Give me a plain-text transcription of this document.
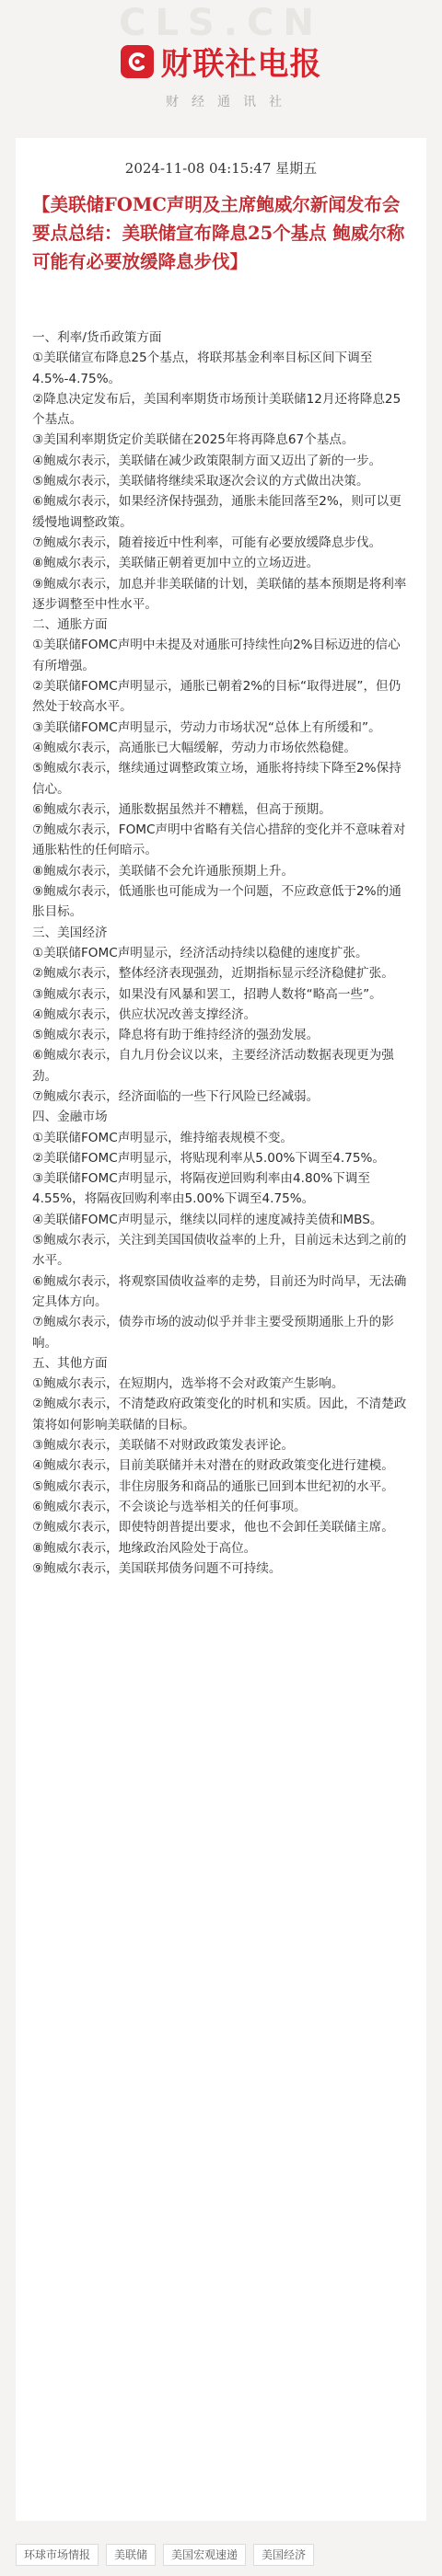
CLS.CN
财联社电报
财经通讯社
2024-11-08 04:15:47 星期五
【美联储FOMC声明及主席鲍威尔新闻发布会要点总结：美联储宣布降息25个基点 鲍威尔称可能有必要放缓降息步伐】

一、利率/货币政策方面

①美联储宣布降息25个基点，将联邦基金利率目标区间下调至4.5%-4.75%。

②降息决定发布后，美国利率期货市场预计美联储12月还将降息25个基点。

③美国利率期货定价美联储在2025年将再降息67个基点。

④鲍威尔表示，美联储在减少政策限制方面又迈出了新的一步。

⑤鲍威尔表示，美联储将继续采取逐次会议的方式做出决策。

⑥鲍威尔表示，如果经济保持强劲，通胀未能回落至2%，则可以更缓慢地调整政策。

⑦鲍威尔表示，随着接近中性利率，可能有必要放缓降息步伐。

⑧鲍威尔表示，美联储正朝着更加中立的立场迈进。

⑨鲍威尔表示，加息并非美联储的计划，美联储的基本预期是将利率逐步调整至中性水平。

二、通胀方面

①美联储FOMC声明中未提及对通胀可持续性向2%目标迈进的信心有所增强。

②美联储FOMC声明显示，通胀已朝着2%的目标“取得进展”，但仍然处于较高水平。

③美联储FOMC声明显示，劳动力市场状况“总体上有所缓和”。

④鲍威尔表示，高通胀已大幅缓解，劳动力市场依然稳健。

⑤鲍威尔表示，继续通过调整政策立场，通胀将持续下降至2%保持信心。

⑥鲍威尔表示，通胀数据虽然并不糟糕，但高于预期。

⑦鲍威尔表示，FOMC声明中省略有关信心措辞的变化并不意味着对通胀粘性的任何暗示。

⑧鲍威尔表示，美联储不会允许通胀预期上升。

⑨鲍威尔表示，低通胀也可能成为一个问题，不应政意低于2%的通胀目标。

三、美国经济

①美联储FOMC声明显示，经济活动持续以稳健的速度扩张。

②鲍威尔表示，整体经济表现强劲，近期指标显示经济稳健扩张。

③鲍威尔表示，如果没有风暴和罢工，招聘人数将“略高一些”。

④鲍威尔表示，供应状况改善支撑经济。

⑤鲍威尔表示，降息将有助于维持经济的强劲发展。

⑥鲍威尔表示，自九月份会议以来，主要经济活动数据表现更为强劲。

⑦鲍威尔表示，经济面临的一些下行风险已经减弱。

四、金融市场

①美联储FOMC声明显示，维持缩表规模不变。

②美联储FOMC声明显示，将贴现利率从5.00%下调至4.75%。

③美联储FOMC声明显示，将隔夜逆回购利率由4.80%下调至4.55%，将隔夜回购利率由5.00%下调至4.75%。

④美联储FOMC声明显示，继续以同样的速度减持美债和MBS。

⑤鲍威尔表示，关注到美国国债收益率的上升，目前远未达到之前的水平。

⑥鲍威尔表示，将观察国债收益率的走势，目前还为时尚早，无法确定具体方向。

⑦鲍威尔表示，债券市场的波动似乎并非主要受预期通胀上升的影响。

五、其他方面

①鲍威尔表示，在短期内，选举将不会对政策产生影响。

②鲍威尔表示，不清楚政府政策变化的时机和实质。因此，不清楚政策将如何影响美联储的目标。

③鲍威尔表示，美联储不对财政政策发表评论。

④鲍威尔表示，目前美联储并未对潜在的财政政策变化进行建模。

⑤鲍威尔表示，非住房服务和商品的通胀已回到本世纪初的水平。

⑥鲍威尔表示，不会谈论与选举相关的任何事项。

⑦鲍威尔表示，即使特朗普提出要求，他也不会卸任美联储主席。

⑧鲍威尔表示，地缘政治风险处于高位。

⑨鲍威尔表示，美国联邦债务问题不可持续。

环球市场情报	美联储	美国宏观速递	美国经济
